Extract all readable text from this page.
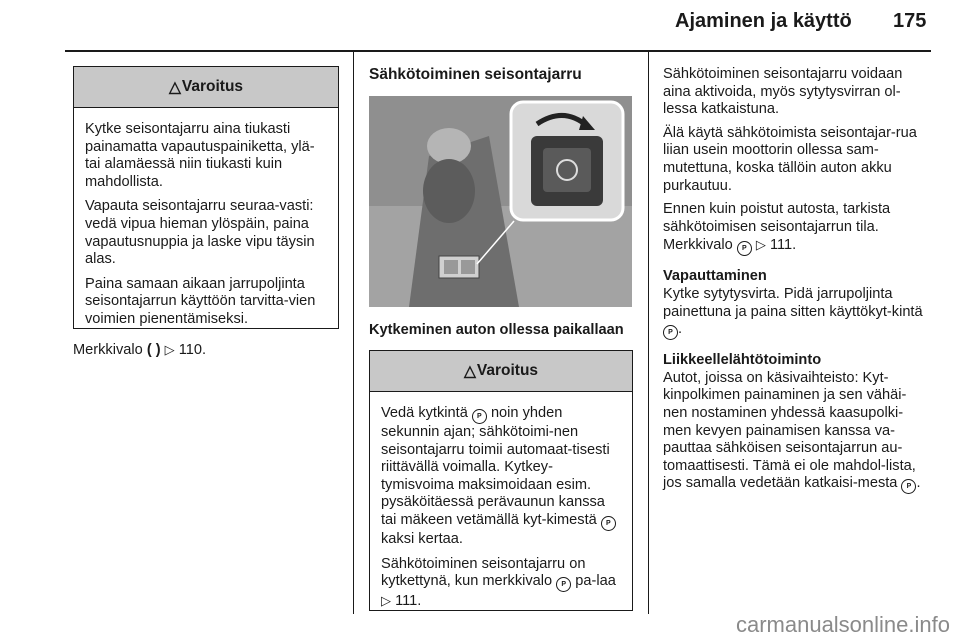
Ajaminen ja käyttö 175
△ Varoitus

Kytke seisontajarru aina tiukasti painamatta vapautuspainiketta, ylä- tai alamäessä niin tiukasti kuin mahdollista.

Vapauta seisontajarru seuraa-vasti: vedä vipua hieman ylöspäin, paina vapautusnuppia ja laske vipu täysin alas.

Paina samaan aikaan jarrupoljinta seisontajarrun käyttöön tarvitta-vien voimien pienentämiseksi.

Merkkivalo ( ) ▷ 110.
Sähkötoiminen seisontajarru
Kytkeminen auton ollessa paikallaan
△ Varoitus

Vedä kytkintä P noin yhden sekunnin ajan; sähkötoimi-nen seisontajarru toimii automaat-tisesti riittävällä voimalla. Kytkey-tymisvoima maksimoidaan esim. pysäköitäessä perävaunun kanssa tai mäkeen vetämällä kyt-kimestä P kaksi kertaa.

Sähkötoiminen seisontajarru on kytkettynä, kun merkkivalo P pa-laa ▷ 111.

Sähkötoiminen seisontajarru voidaan aina aktivoida, myös sytytysvirran ol-lessa katkaistuna.

Älä käytä sähkötoimista seisontajar-rua liian usein moottorin ollessa sam-mutettuna, koska tällöin auton akku purkautuu.

Ennen kuin poistut autosta, tarkista sähkötoimisen seisontajarrun tila. Merkkivalo P ▷ 111.

Vapauttaminen

Kytke sytytysvirta. Pidä jarrupoljinta painettuna ja paina sitten käyttökyt-kintä P .

Liikkeellelähtötoiminto

Autot, joissa on käsivaihteisto: Kyt-kinpolkimen painaminen ja sen vähäi-nen nostaminen yhdessä kaasupolki-men kevyen painamisen kanssa va-pauttaa sähköisen seisontajarrun au-tomaattisesti. Tämä ei ole mahdol-lista, jos samalla vedetään katkaisi-mesta P .

carmanualsonline.info
